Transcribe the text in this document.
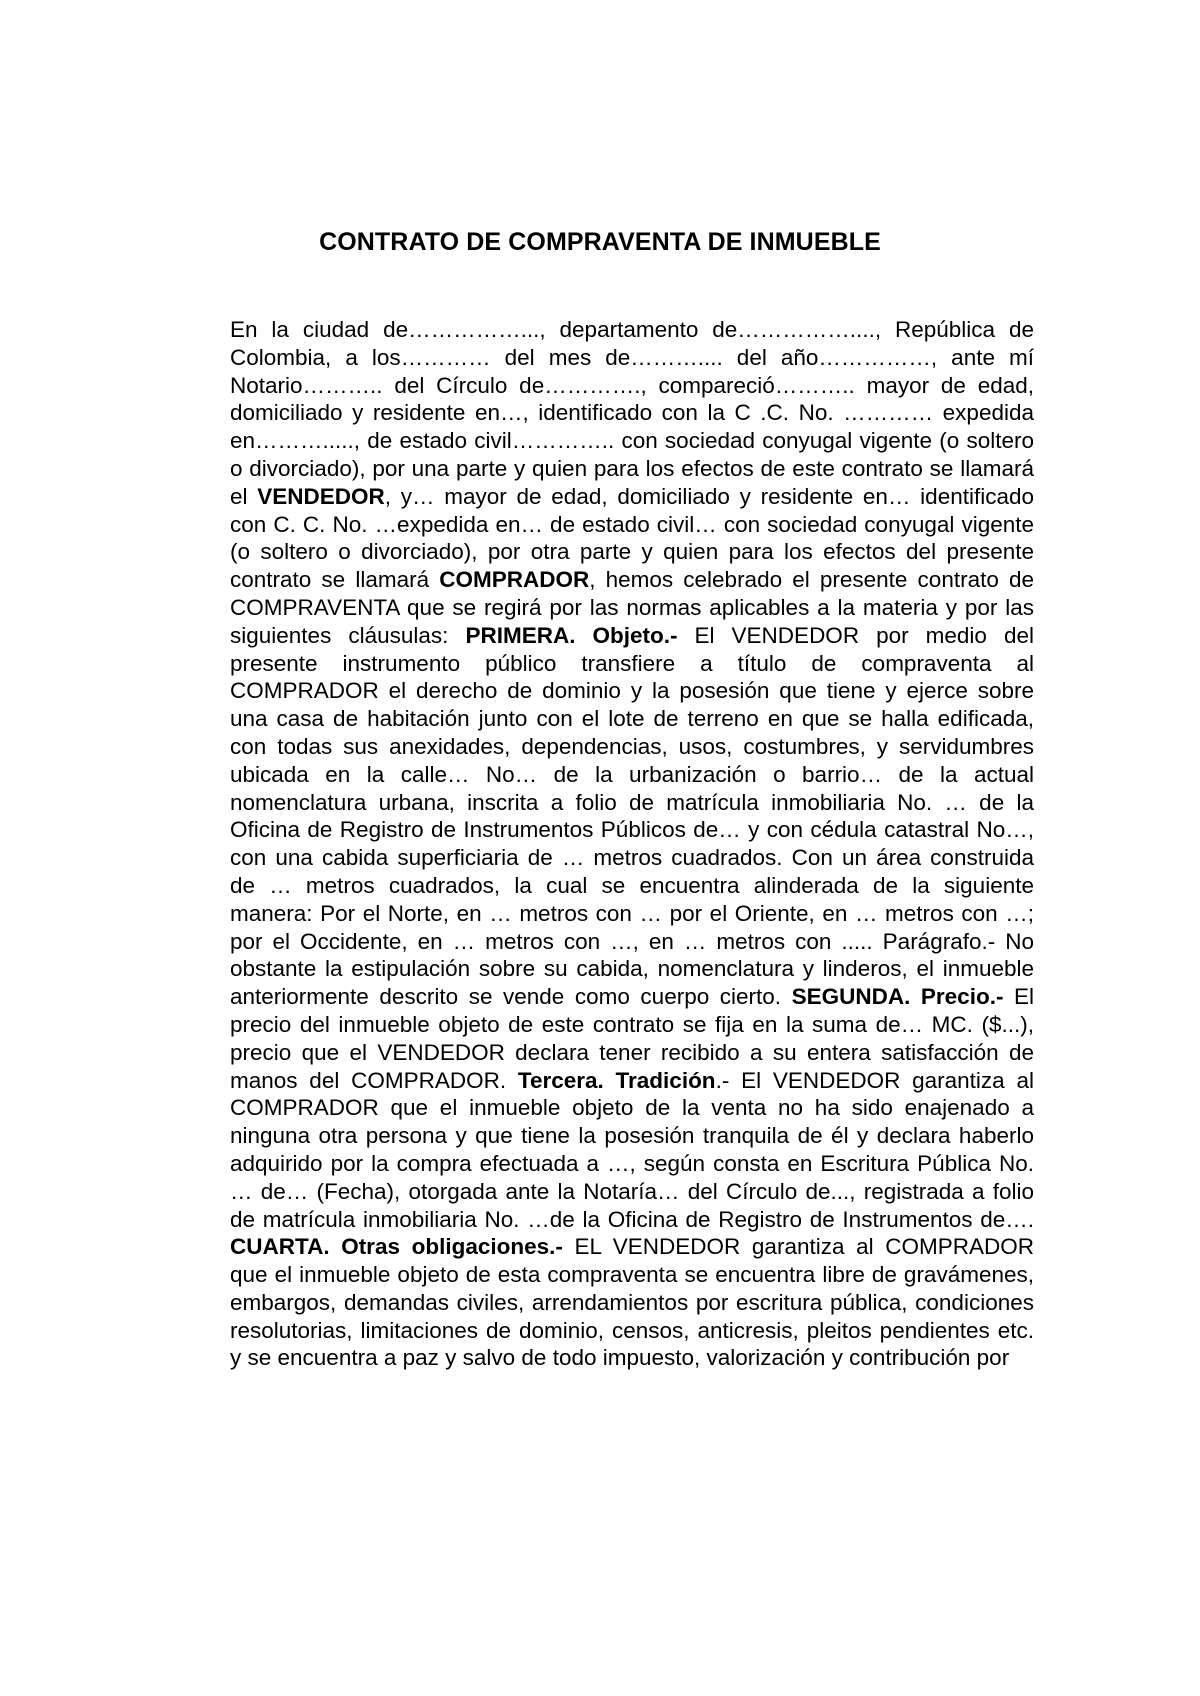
CONTRATO DE COMPRAVENTA DE INMUEBLE

En la ciudad de……………..., departamento de……………...., República de Colombia, a los………… del mes de……….... del año……………, ante mí Notario……….. del Círculo de…………., compareció……….. mayor de edad, domiciliado y residente en…, identificado con la C .C. No. ………… expedida en………....., de estado civil………….. con sociedad conyugal vigente (o soltero o divorciado), por una parte y quien para los efectos de este contrato se llamará el VENDEDOR, y… mayor de edad, domiciliado y residente en… identificado con C. C. No. …expedida en… de estado civil… con sociedad conyugal vigente (o soltero o divorciado), por otra parte y quien para los efectos del presente contrato se llamará COMPRADOR, hemos celebrado el presente contrato de COMPRAVENTA que se regirá por las normas aplicables a la materia y por las siguientes cláusulas: PRIMERA. Objeto.- El VENDEDOR por medio del presente instrumento público transfiere a título de compraventa al COMPRADOR el derecho de dominio y la posesión que tiene y ejerce sobre una casa de habitación junto con el lote de terreno en que se halla edificada, con todas sus anexidades, dependencias, usos, costumbres, y servidumbres ubicada en la calle… No… de la urbanización o barrio… de la actual nomenclatura urbana, inscrita a folio de matrícula inmobiliaria No. … de la Oficina de Registro de Instrumentos Públicos de… y con cédula catastral No…, con una cabida superficiaria de … metros cuadrados. Con un área construida de … metros cuadrados, la cual se encuentra alinderada de la siguiente manera: Por el Norte, en … metros con … por el Oriente, en … metros con …; por el Occidente, en … metros con …, en … metros con ..... Parágrafo.- No obstante la estipulación sobre su cabida, nomenclatura y linderos, el inmueble anteriormente descrito se vende como cuerpo cierto. SEGUNDA. Precio.- El precio del inmueble objeto de este contrato se fija en la suma de… MC. ($...), precio que el VENDEDOR declara tener recibido a su entera satisfacción de manos del COMPRADOR. Tercera. Tradición.- El VENDEDOR garantiza al COMPRADOR que el inmueble objeto de la venta no ha sido enajenado a ninguna otra persona y que tiene la posesión tranquila de él y declara haberlo adquirido por la compra efectuada a …, según consta en Escritura Pública No. … de… (Fecha), otorgada ante la Notaría… del Círculo de..., registrada a folio de matrícula inmobiliaria No. …de la Oficina de Registro de Instrumentos de…. CUARTA. Otras obligaciones.- EL VENDEDOR garantiza al COMPRADOR que el inmueble objeto de esta compraventa se encuentra libre de gravámenes, embargos, demandas civiles, arrendamientos por escritura pública, condiciones resolutorias, limitaciones de dominio, censos, anticresis, pleitos pendientes etc. y se encuentra a paz y salvo de todo impuesto, valorización y contribución por
